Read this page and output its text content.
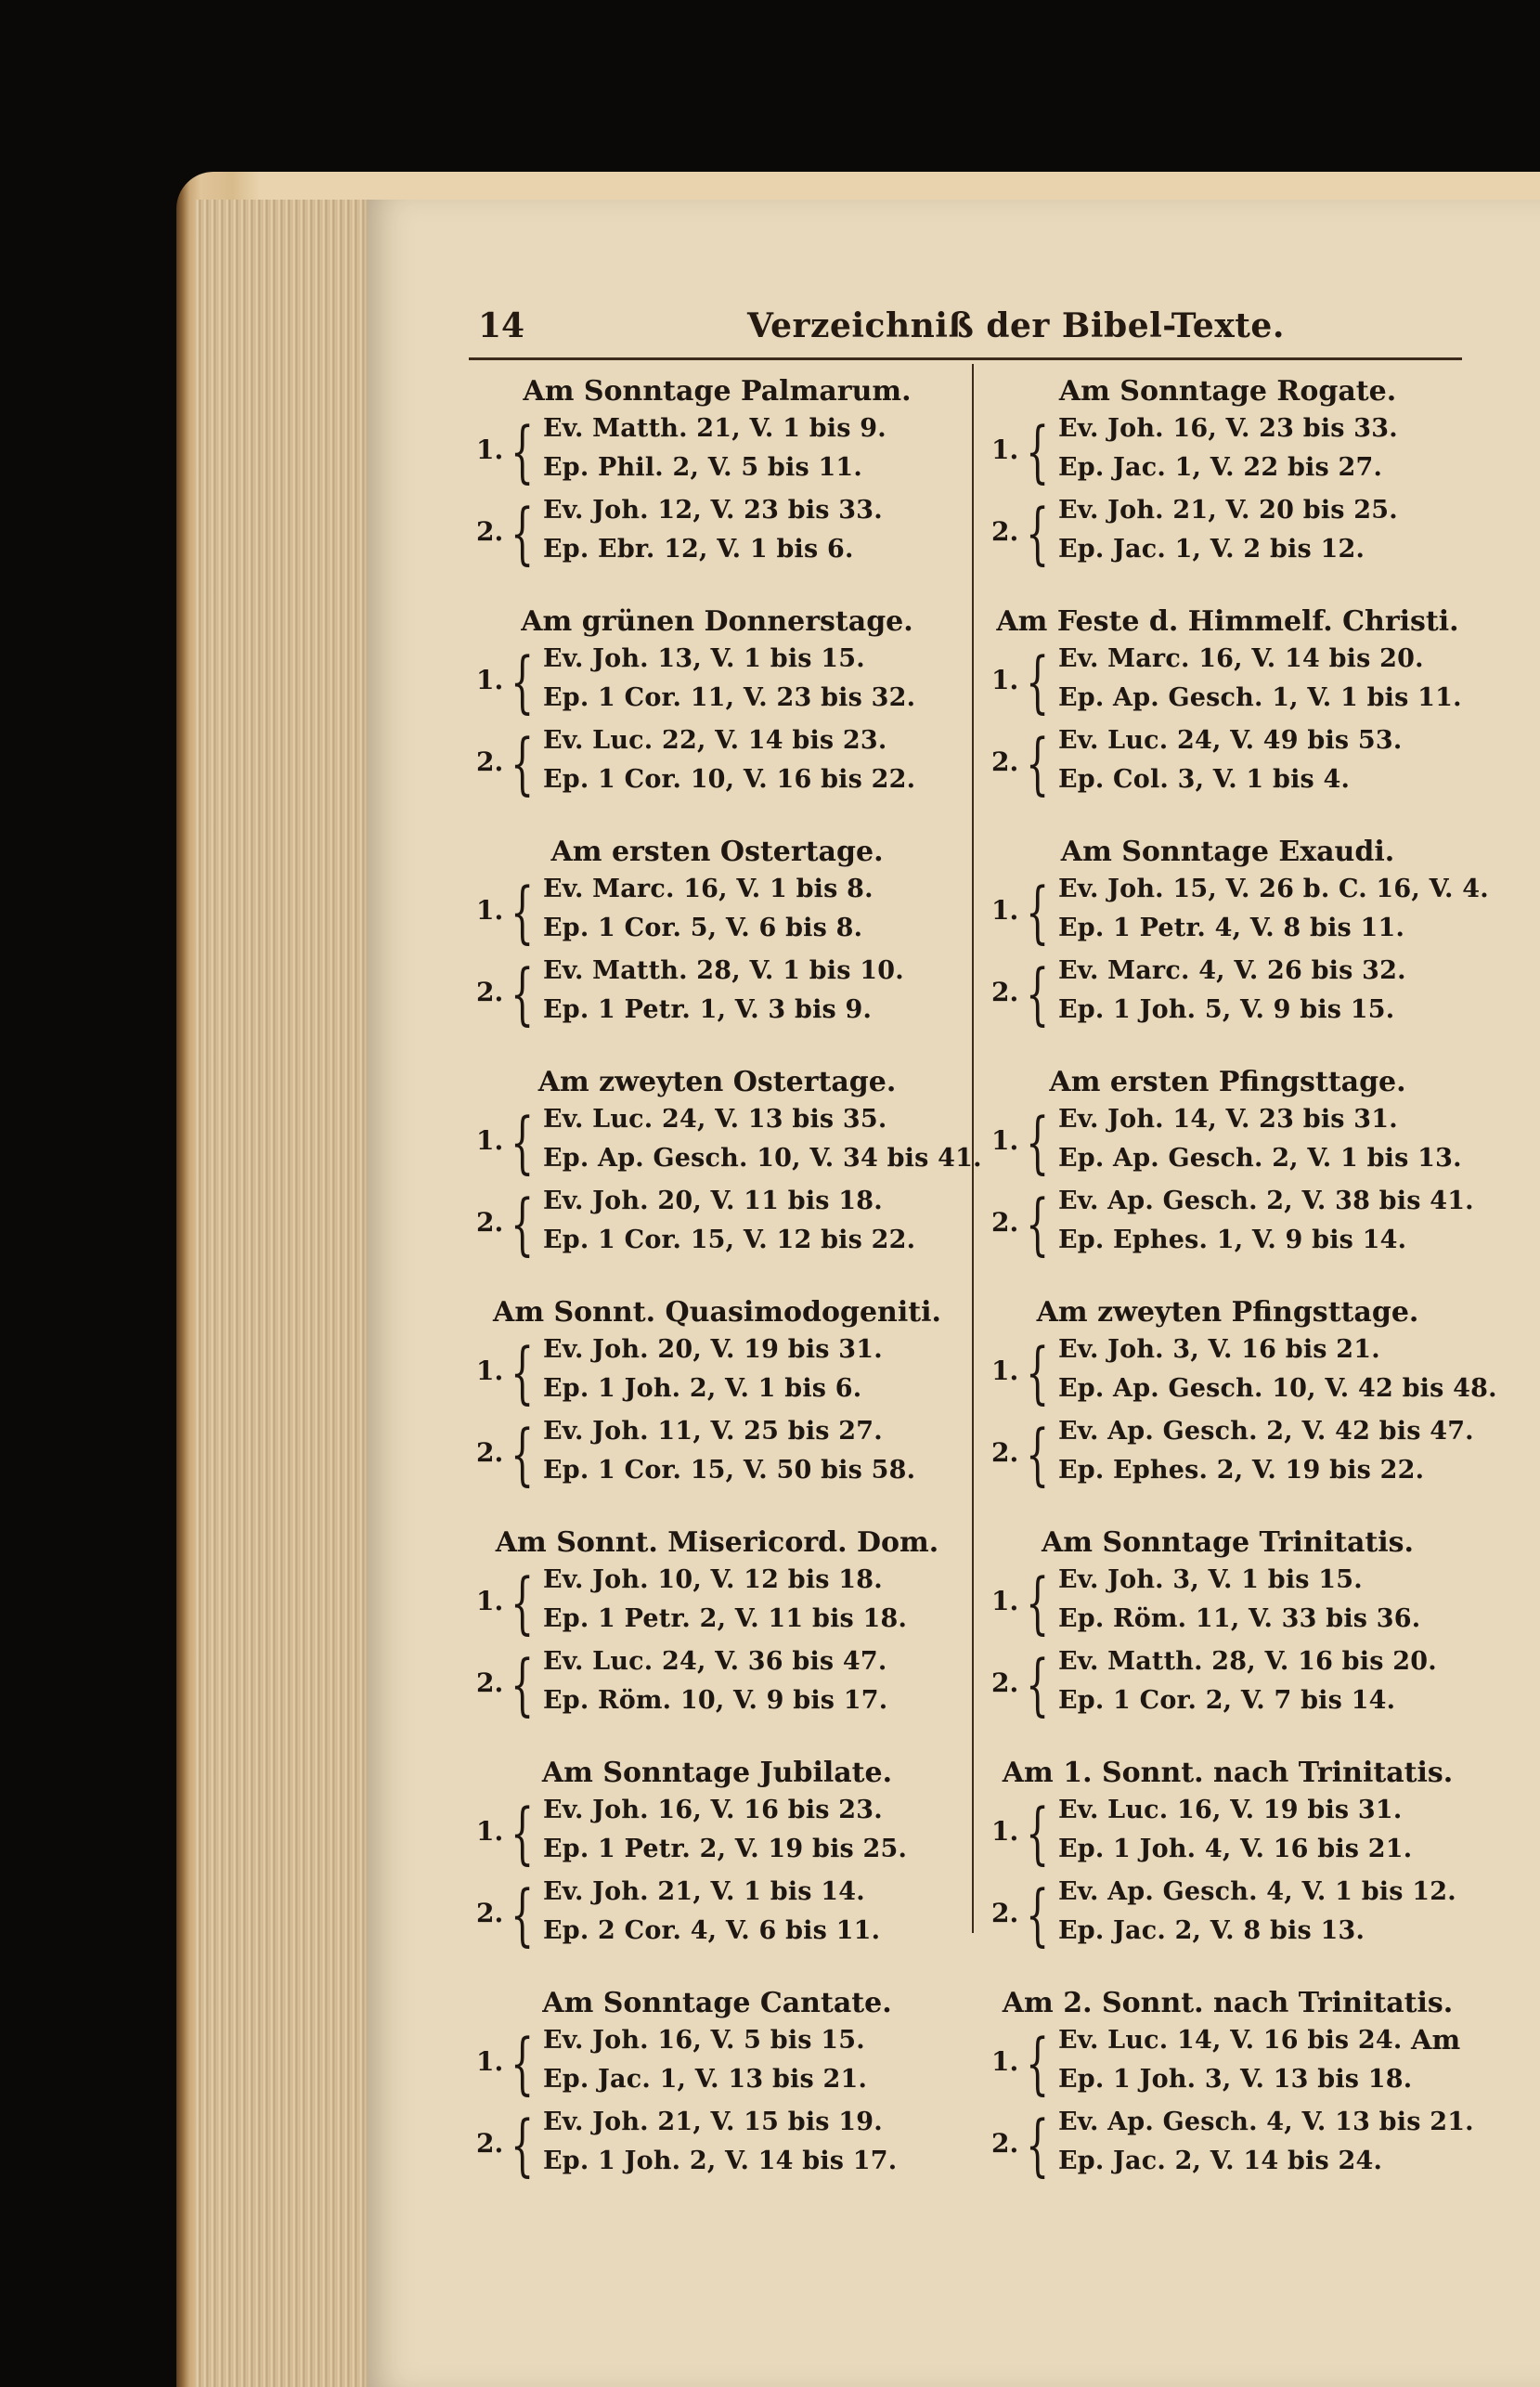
14	Verzeichniß der Bibel-Texte.
Am Sonntage Palmarum.
1. { Ev. Matth. 21, V. 1 bis 9.
Ep. Phil. 2, V. 5 bis 11.
2. { Ev. Joh. 12, V. 23 bis 33.
Ep. Ebr. 12, V. 1 bis 6.
Am grünen Donnerstage.
1. { Ev. Joh. 13, V. 1 bis 15.
Ep. 1 Cor. 11, V. 23 bis 32.
2. { Ev. Luc. 22, V. 14 bis 23.
Ep. 1 Cor. 10, V. 16 bis 22.
Am ersten Ostertage.
1. { Ev. Marc. 16, V. 1 bis 8.
Ep. 1 Cor. 5, V. 6 bis 8.
2. { Ev. Matth. 28, V. 1 bis 10.
Ep. 1 Petr. 1, V. 3 bis 9.
Am zweyten Ostertage.
1. { Ev. Luc. 24, V. 13 bis 35.
Ep. Ap. Gesch. 10, V. 34 bis 41.
2. { Ev. Joh. 20, V. 11 bis 18.
Ep. 1 Cor. 15, V. 12 bis 22.
Am Sonnt. Quasimodogeniti.
1. { Ev. Joh. 20, V. 19 bis 31.
Ep. 1 Joh. 2, V. 1 bis 6.
2. { Ev. Joh. 11, V. 25 bis 27.
Ep. 1 Cor. 15, V. 50 bis 58.
Am Sonnt. Misericord. Dom.
1. { Ev. Joh. 10, V. 12 bis 18.
Ep. 1 Petr. 2, V. 11 bis 18.
2. { Ev. Luc. 24, V. 36 bis 47.
Ep. Röm. 10, V. 9 bis 17.
Am Sonntage Jubilate.
1. { Ev. Joh. 16, V. 16 bis 23.
Ep. 1 Petr. 2, V. 19 bis 25.
2. { Ev. Joh. 21, V. 1 bis 14.
Ep. 2 Cor. 4, V. 6 bis 11.
Am Sonntage Cantate.
1. { Ev. Joh. 16, V. 5 bis 15.
Ep. Jac. 1, V. 13 bis 21.
2. { Ev. Joh. 21, V. 15 bis 19.
Ep. 1 Joh. 2, V. 14 bis 17.
Am Sonntage Rogate.
1. { Ev. Joh. 16, V. 23 bis 33.
Ep. Jac. 1, V. 22 bis 27.
2. { Ev. Joh. 21, V. 20 bis 25.
Ep. Jac. 1, V. 2 bis 12.
Am Feste d. Himmelf. Christi.
1. { Ev. Marc. 16, V. 14 bis 20.
Ep. Ap. Gesch. 1, V. 1 bis 11.
2. { Ev. Luc. 24, V. 49 bis 53.
Ep. Col. 3, V. 1 bis 4.
Am Sonntage Exaudi.
1. { Ev. Joh. 15, V. 26 b. C. 16, V. 4.
Ep. 1 Petr. 4, V. 8 bis 11.
2. { Ev. Marc. 4, V. 26 bis 32.
Ep. 1 Joh. 5, V. 9 bis 15.
Am ersten Pfingsttage.
1. { Ev. Joh. 14, V. 23 bis 31.
Ep. Ap. Gesch. 2, V. 1 bis 13.
2. { Ev. Ap. Gesch. 2, V. 38 bis 41.
Ep. Ephes. 1, V. 9 bis 14.
Am zweyten Pfingsttage.
1. { Ev. Joh. 3, V. 16 bis 21.
Ep. Ap. Gesch. 10, V. 42 bis 48.
2. { Ev. Ap. Gesch. 2, V. 42 bis 47.
Ep. Ephes. 2, V. 19 bis 22.
Am Sonntage Trinitatis.
1. { Ev. Joh. 3, V. 1 bis 15.
Ep. Röm. 11, V. 33 bis 36.
2. { Ev. Matth. 28, V. 16 bis 20.
Ep. 1 Cor. 2, V. 7 bis 14.
Am 1. Sonnt. nach Trinitatis.
1. { Ev. Luc. 16, V. 19 bis 31.
Ep. 1 Joh. 4, V. 16 bis 21.
2. { Ev. Ap. Gesch. 4, V. 1 bis 12.
Ep. Jac. 2, V. 8 bis 13.
Am 2. Sonnt. nach Trinitatis.
1. { Ev. Luc. 14, V. 16 bis 24.
Ep. 1 Joh. 3, V. 13 bis 18.
2. { Ev. Ap. Gesch. 4, V. 13 bis 21.
Ep. Jac. 2, V. 14 bis 24.
Am
